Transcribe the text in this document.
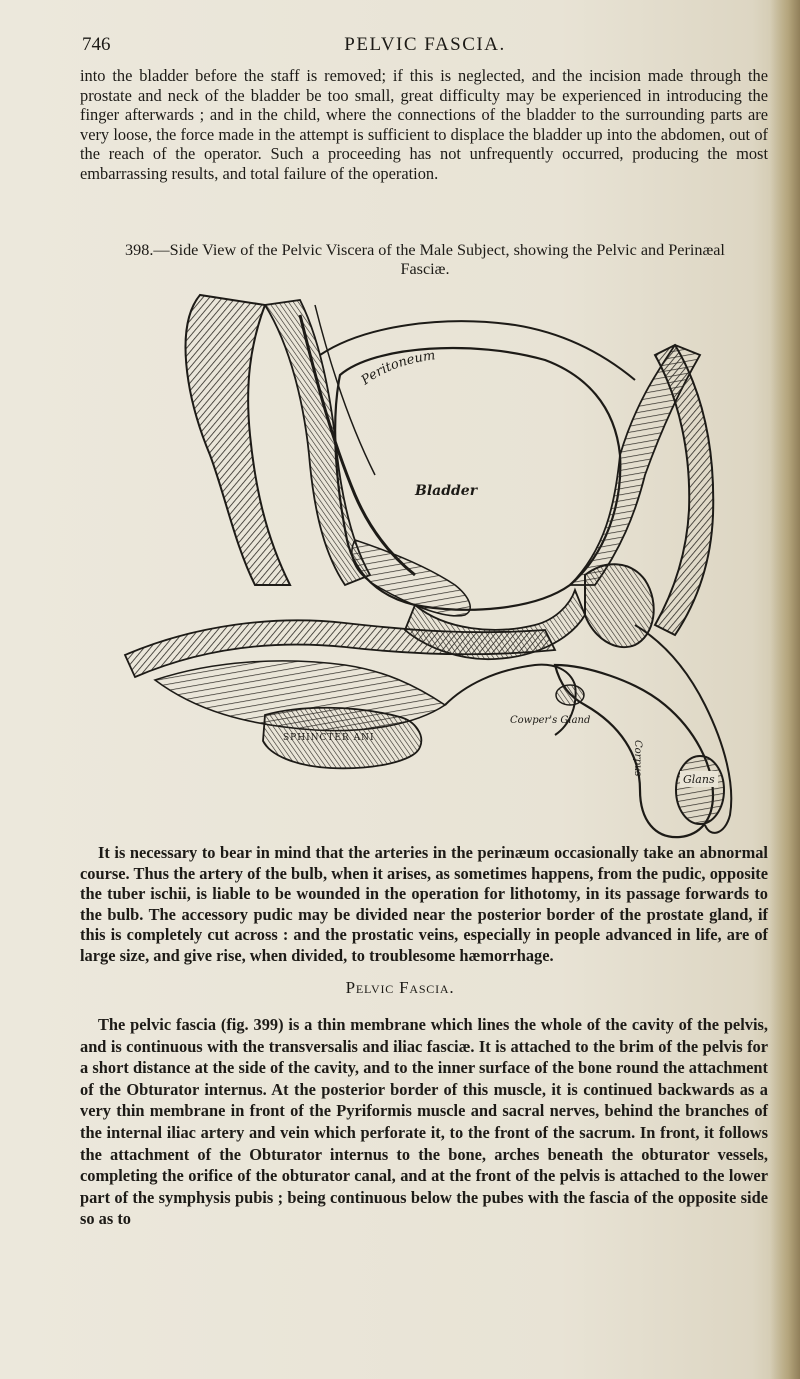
746	PELVIC FASCIA.

into the bladder before the staff is removed; if this is neglected, and the incision made through the prostate and neck of the bladder be too small, great difficulty may be experienced in introducing the finger afterwards ; and in the child, where the connections of the bladder to the surrounding parts are very loose, the force made in the attempt is sufficient to displace the bladder up into the abdomen, out of the reach of the operator. Such a proceeding has not unfrequently occurred, producing the most embarrassing results, and total failure of the operation.

398.—Side View of the Pelvic Viscera of the Male Subject, showing the Pelvic and Perinæal Fasciæ.

SPHINCTER ANI
Glans
Cowper's Gland
Corpus
Peritoneum
Bladder

It is necessary to bear in mind that the arteries in the perinæum occasionally take an abnormal course. Thus the artery of the bulb, when it arises, as sometimes happens, from the pudic, opposite the tuber ischii, is liable to be wounded in the operation for lithotomy, in its passage forwards to the bulb. The accessory pudic may be divided near the posterior border of the prostate gland, if this is completely cut across : and the prostatic veins, especially in people advanced in life, are of large size, and give rise, when divided, to troublesome hæmorrhage.

Pelvic Fascia.

The pelvic fascia (fig. 399) is a thin membrane which lines the whole of the cavity of the pelvis, and is continuous with the transversalis and iliac fasciæ. It is attached to the brim of the pelvis for a short distance at the side of the cavity, and to the inner surface of the bone round the attachment of the Obturator internus. At the posterior border of this muscle, it is continued backwards as a very thin membrane in front of the Pyriformis muscle and sacral nerves, behind the branches of the internal iliac artery and vein which perforate it, to the front of the sacrum. In front, it follows the attachment of the Obturator internus to the bone, arches beneath the obturator vessels, completing the orifice of the obturator canal, and at the front of the pelvis is attached to the lower part of the symphysis pubis ; being continuous below the pubes with the fascia of the opposite side so as to
